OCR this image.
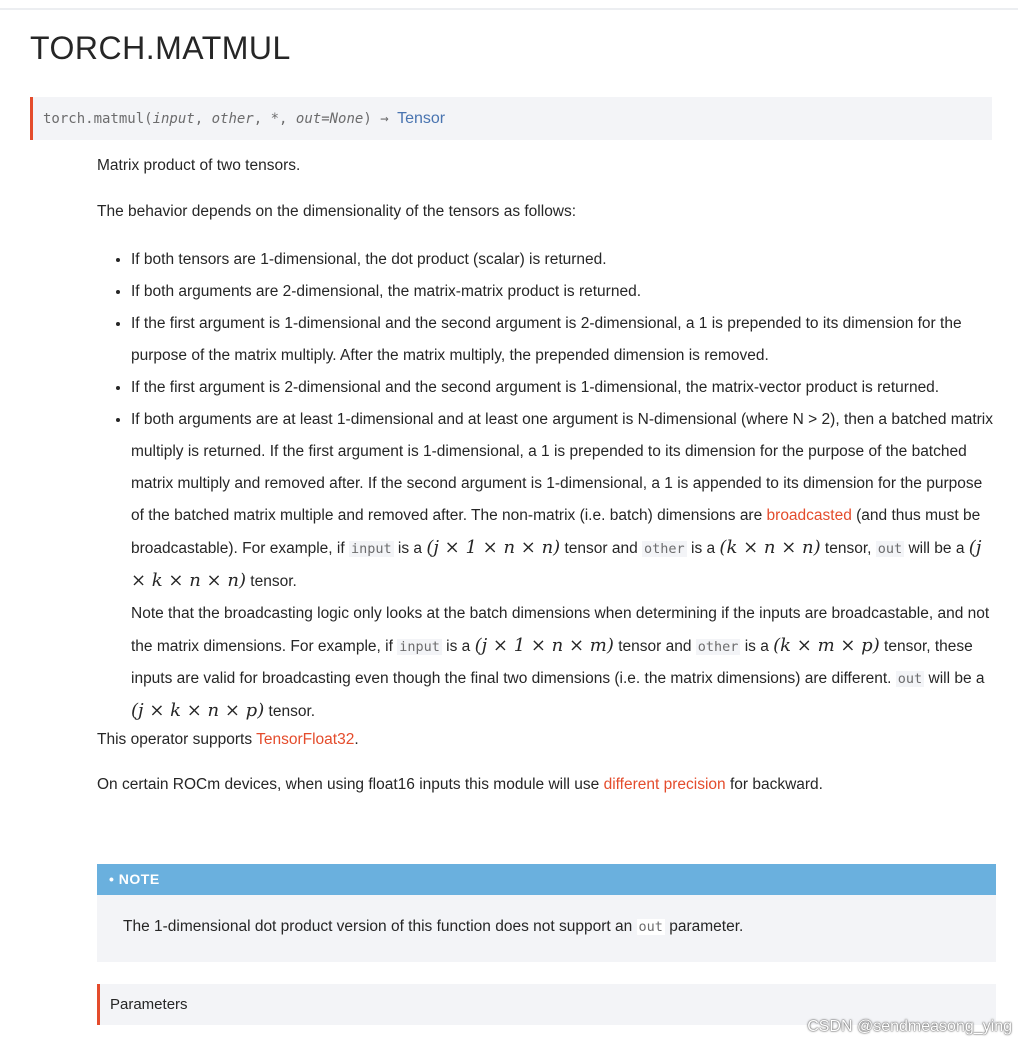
TORCH.MATMUL
torch.matmul(input, other, *, out=None) → Tensor

Matrix product of two tensors.

The behavior depends on the dimensionality of the tensors as follows:

• If both tensors are 1-dimensional, the dot product (scalar) is returned.
• If both arguments are 2-dimensional, the matrix-matrix product is returned.
• If the first argument is 1-dimensional and the second argument is 2-dimensional, a 1 is prepended to its dimension for the purpose of the matrix multiply. After the matrix multiply, the prepended dimension is removed.
• If the first argument is 2-dimensional and the second argument is 1-dimensional, the matrix-vector product is returned.
• If both arguments are at least 1-dimensional and at least one argument is N-dimensional (where N > 2), then a batched matrix multiply is returned. If the first argument is 1-dimensional, a 1 is prepended to its dimension for the purpose of the batched matrix multiply and removed after. If the second argument is 1-dimensional, a 1 is appended to its dimension for the purpose of the batched matrix multiple and removed after. The non-matrix (i.e. batch) dimensions are broadcasted (and thus must be broadcastable). For example, if input is a (j × 1 × n × n) tensor and other is a (k × n × n) tensor, out will be a (j × k × n × n) tensor.
Note that the broadcasting logic only looks at the batch dimensions when determining if the inputs are broadcastable, and not the matrix dimensions. For example, if input is a (j × 1 × n × m) tensor and other is a (k × m × p) tensor, these inputs are valid for broadcasting even though the final two dimensions (i.e. the matrix dimensions) are different. out will be a (j × k × n × p) tensor.

This operator supports TensorFloat32.

On certain ROCm devices, when using float16 inputs this module will use different precision for backward.

• NOTE
The 1-dimensional dot product version of this function does not support an out parameter.
Parameters
CSDN @sendmeasong_ying
